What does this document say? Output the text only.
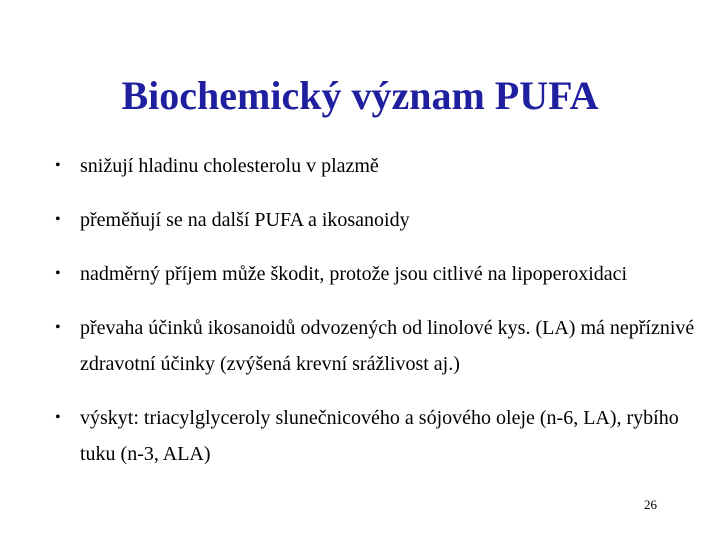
Biochemický význam PUFA
• snižují hladinu cholesterolu v plazmě
• přeměňují se na další PUFA a ikosanoidy
• nadměrný příjem může škodit, protože jsou citlivé na lipoperoxidaci
• převaha účinků ikosanoidů odvozených od linolové kys. (LA) má nepříznivé zdravotní účinky (zvýšená krevní srážlivost aj.)
• výskyt: triacylglyceroly slunečnicového a sójového oleje (n-6, LA), rybího tuku (n-3, ALA)
26
